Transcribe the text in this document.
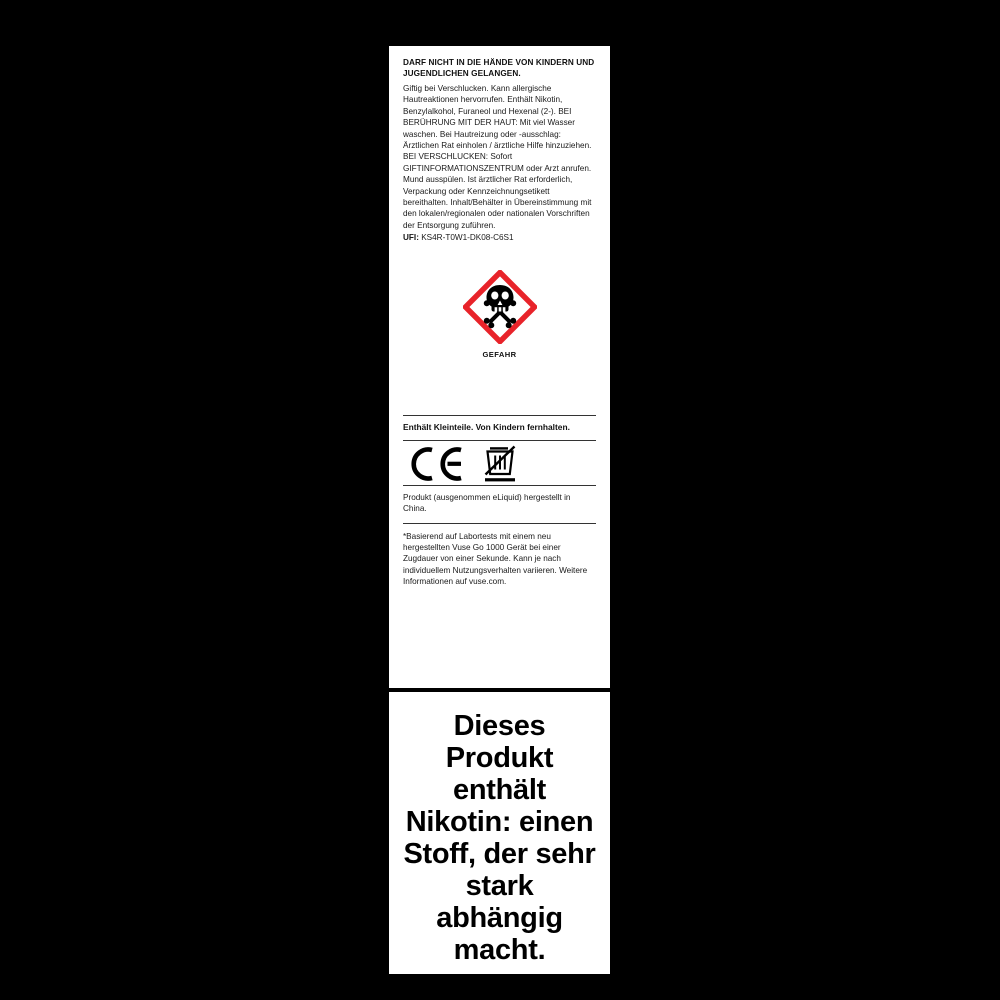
DARF NICHT IN DIE HÄNDE VON KINDERN UND JUGENDLICHEN GELANGEN.

Giftig bei Verschlucken. Kann allergische Hautreaktionen hervorrufen. Enthält Nikotin, Benzylalkohol, Furaneol und Hexenal (2-). BEI BERÜHRUNG MIT DER HAUT: Mit viel Wasser waschen. Bei Hautreizung oder -ausschlag: Ärztlichen Rat einholen / ärztliche Hilfe hinzuziehen. BEI VERSCHLUCKEN: Sofort GIFTINFORMATIONSZENTRUM oder Arzt anrufen. Mund ausspülen. Ist ärztlicher Rat erforderlich, Verpackung oder Kennzeichnungsetikett bereithalten. Inhalt/Behälter in Übereinstimmung mit den lokalen/regionalen oder nationalen Vorschriften der Entsorgung zuführen.

UFI: KS4R-T0W1-DK08-C6S1

GEFAHR
Enthält Kleinteile. Von Kindern fernhalten.
Produkt (ausgenommen eLiquid) hergestellt in China.
*Basierend auf Labortests mit einem neu hergestellten Vuse Go 1000 Gerät bei einer Zugdauer von einer Sekunde. Kann je nach individuellem Nutzungsverhalten variieren. Weitere Informationen auf vuse.com.
Dieses Produkt enthält Nikotin: einen Stoff, der sehr stark abhängig macht.
